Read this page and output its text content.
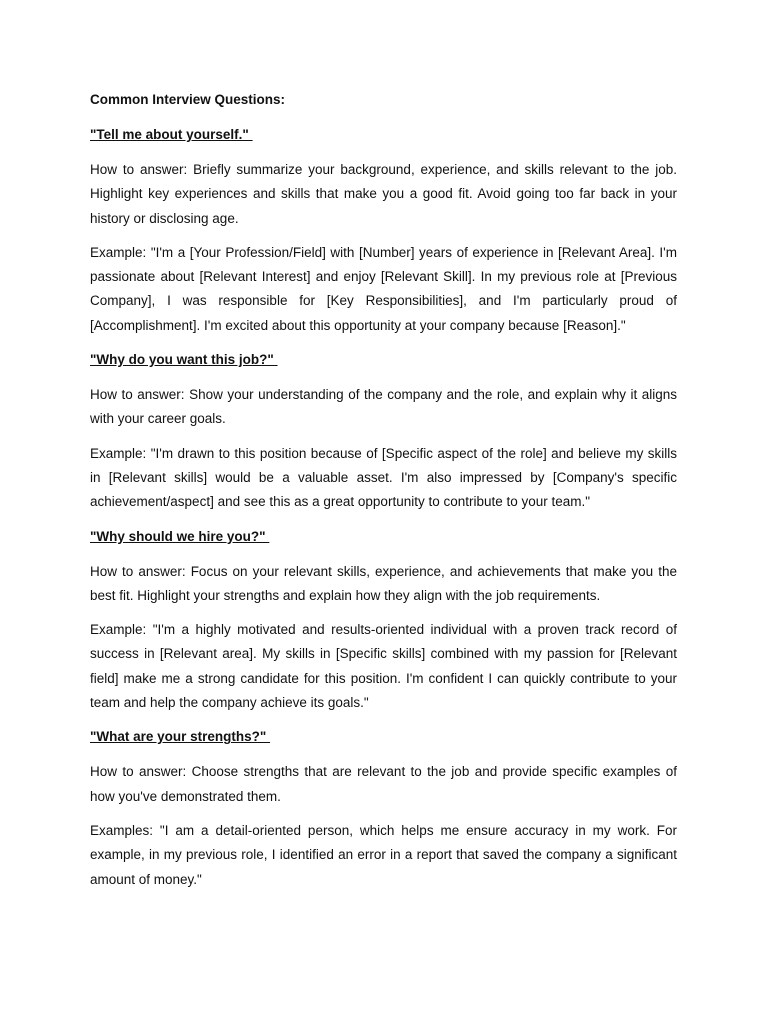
Common Interview Questions:
"Tell me about yourself."

How to answer: Briefly summarize your background, experience, and skills relevant to the job. Highlight key experiences and skills that make you a good fit. Avoid going too far back in your history or disclosing age.

Example: "I'm a [Your Profession/Field] with [Number] years of experience in [Relevant Area]. I'm passionate about [Relevant Interest] and enjoy [Relevant Skill]. In my previous role at [Previous Company], I was responsible for [Key Responsibilities], and I'm particularly proud of [Accomplishment]. I'm excited about this opportunity at your company because [Reason]."

"Why do you want this job?"

How to answer: Show your understanding of the company and the role, and explain why it aligns with your career goals.

Example: "I'm drawn to this position because of [Specific aspect of the role] and believe my skills in [Relevant skills] would be a valuable asset. I'm also impressed by [Company's specific achievement/aspect] and see this as a great opportunity to contribute to your team."

"Why should we hire you?"

How to answer: Focus on your relevant skills, experience, and achievements that make you the best fit. Highlight your strengths and explain how they align with the job requirements.

Example: "I'm a highly motivated and results-oriented individual with a proven track record of success in [Relevant area]. My skills in [Specific skills] combined with my passion for [Relevant field] make me a strong candidate for this position. I'm confident I can quickly contribute to your team and help the company achieve its goals."

"What are your strengths?"

How to answer: Choose strengths that are relevant to the job and provide specific examples of how you've demonstrated them.

Examples: "I am a detail-oriented person, which helps me ensure accuracy in my work. For example, in my previous role, I identified an error in a report that saved the company a significant amount of money."
